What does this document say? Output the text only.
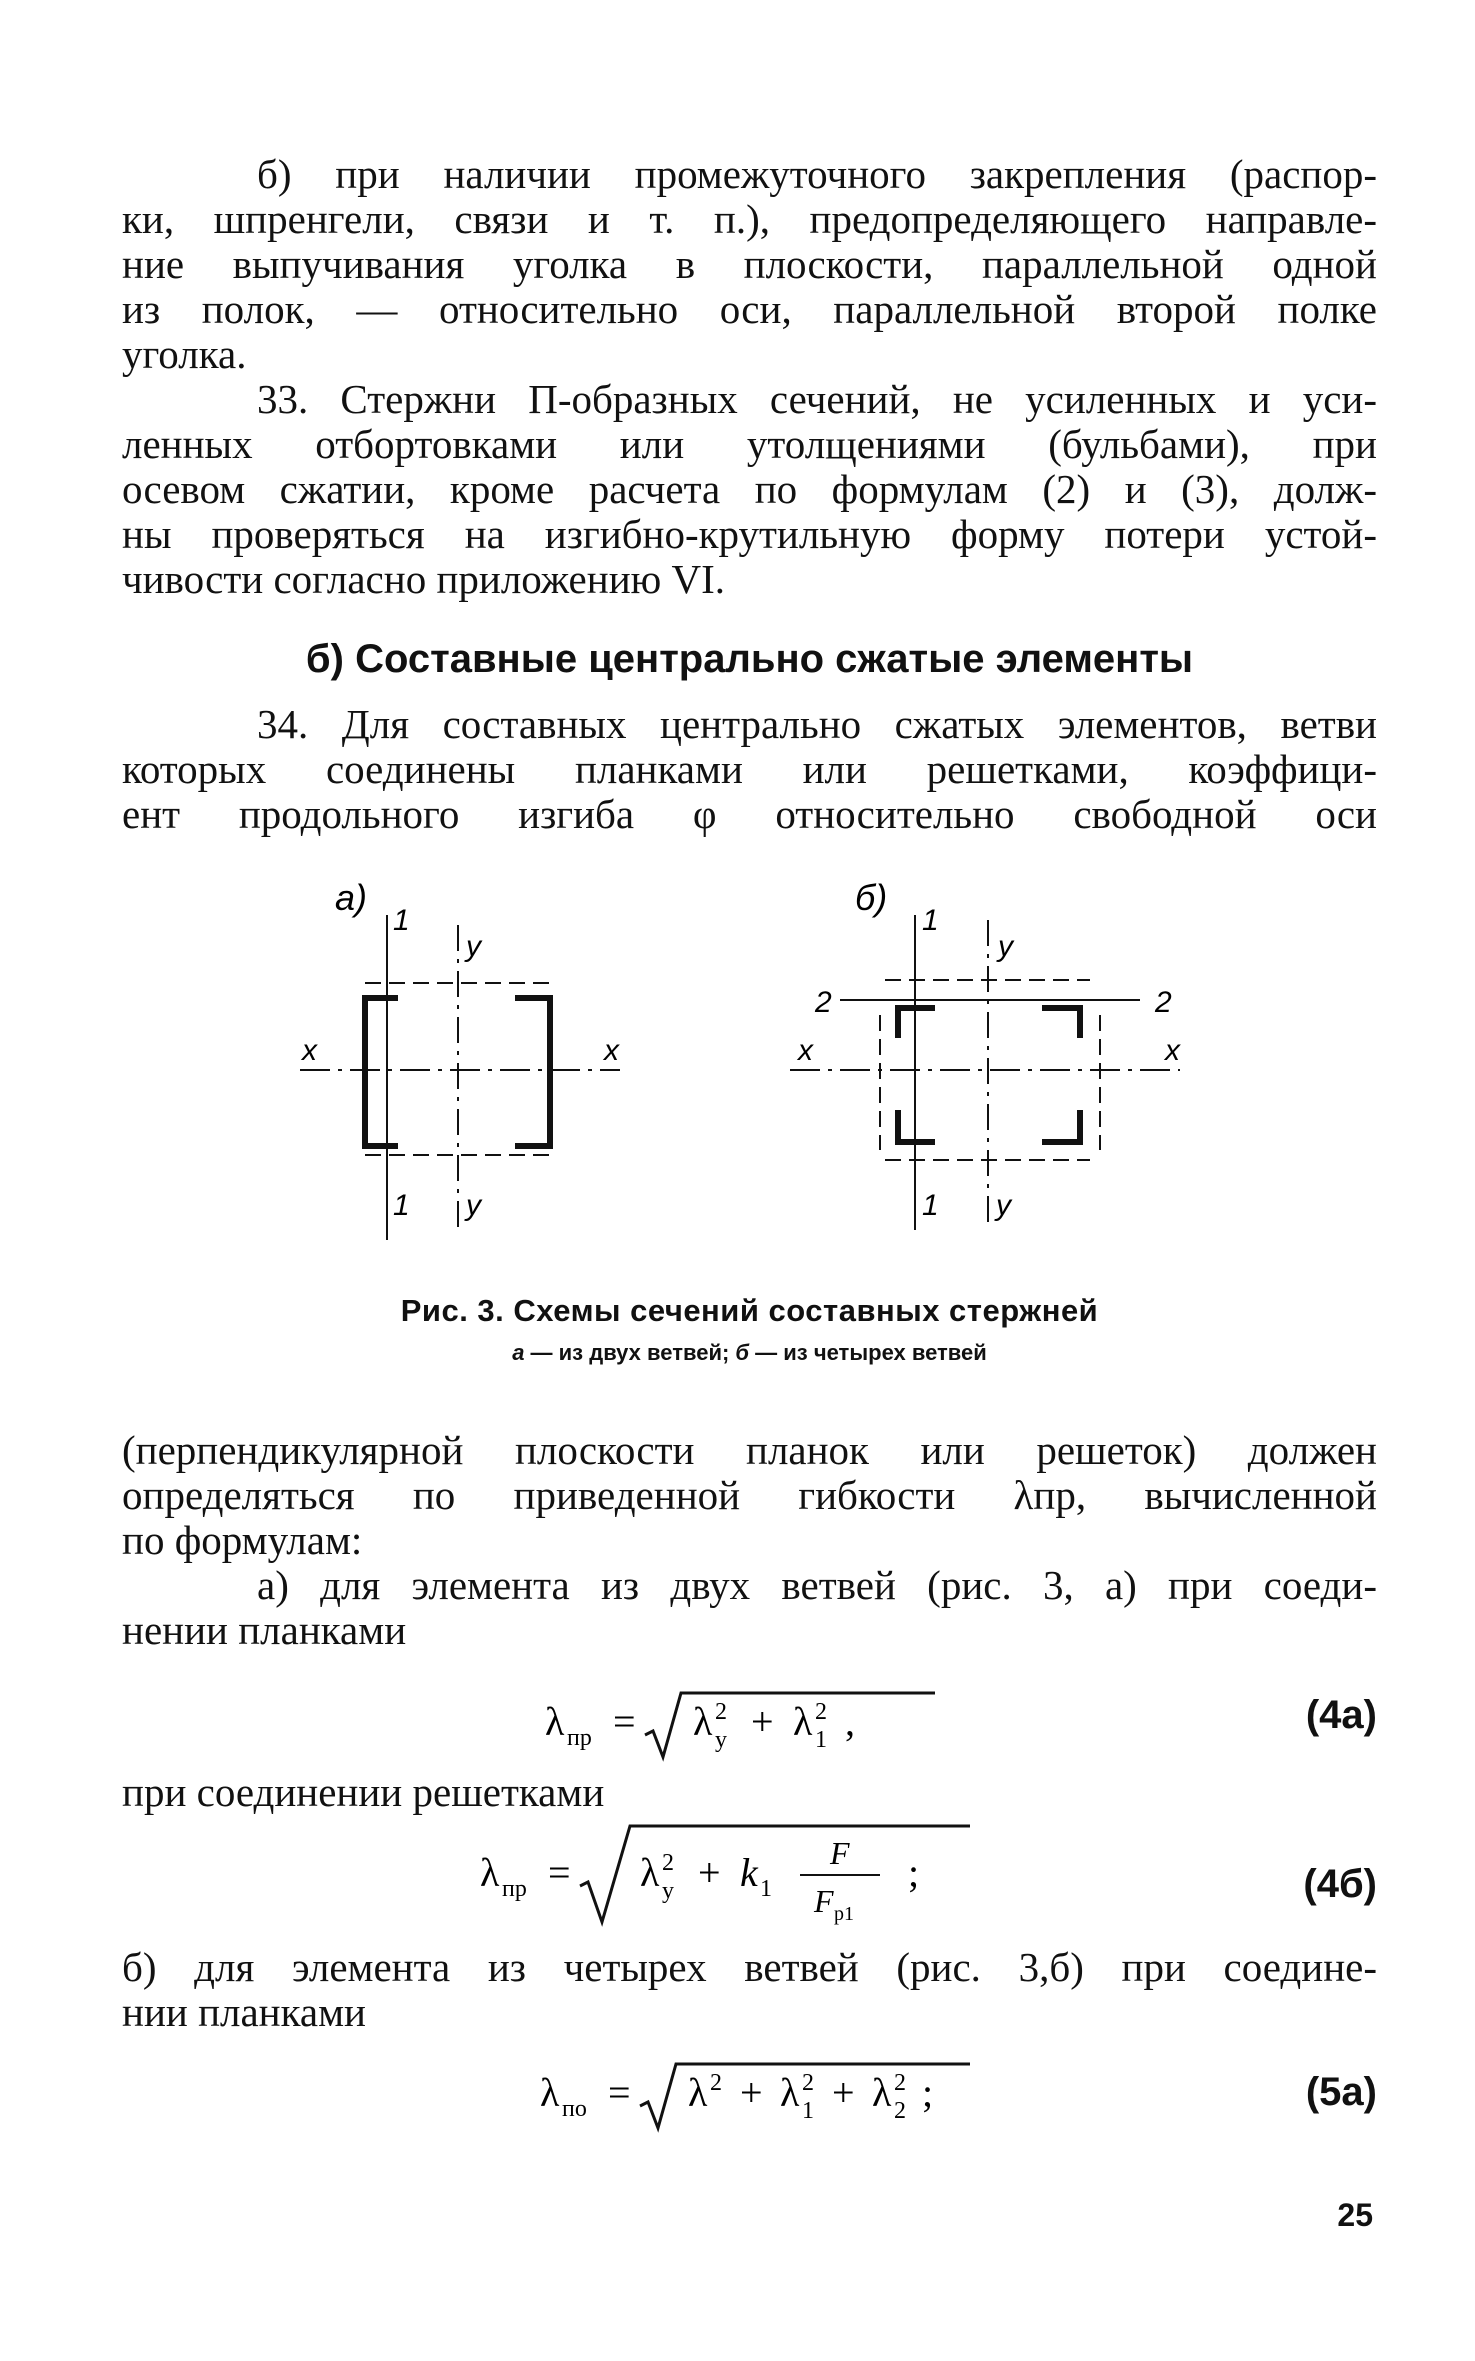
б) при наличии промежуточного закрепления (распор-

ки, шпренгели, связи и т. п.), предопределяющего направле-

ние выпучивания уголка в плоскости, параллельной одной

из полок, — относительно оси, параллельной второй полке

уголка.

33. Стержни П-образных сечений, не усиленных и уси-

ленных отбортовками или утолщениями (бульбами), при

осевом сжатии, кроме расчета по формулам (2) и (3), долж-

ны проверяться на изгибно-крутильную форму потери устой-

чивости согласно приложению VI.

б) Составные центрально сжатые элементы

34. Для составных центрально сжатых элементов, ветви

которых соединены планками или решетками, коэффици-

ент продольного изгиба φ относительно свободной оси

а)
1
y
x	x
1 y
б)
1
y
2	2
x	x
1 y
Рис. 3. Схемы сечений составных стержней
а — из двух ветвей; б — из четырех ветвей

(перпендикулярной плоскости планок или решеток) должен

определяться по приведенной гибкости λпр, вычисленной

по формулам:

а) для элемента из двух ветвей (рис. 3, а) при соеди-

нении планками

λ пр = λ 2
y + λ 2
1 ,	(4а)

при соединении решетками

λ пр = λ 2
y + k 1
F
F p1
;	(4б)

б) для элемента из четырех ветвей (рис. 3,б) при соедине-

нии планками

λ по = λ 2 + λ 2
1 + λ 2
2 ;	(5а)
25
